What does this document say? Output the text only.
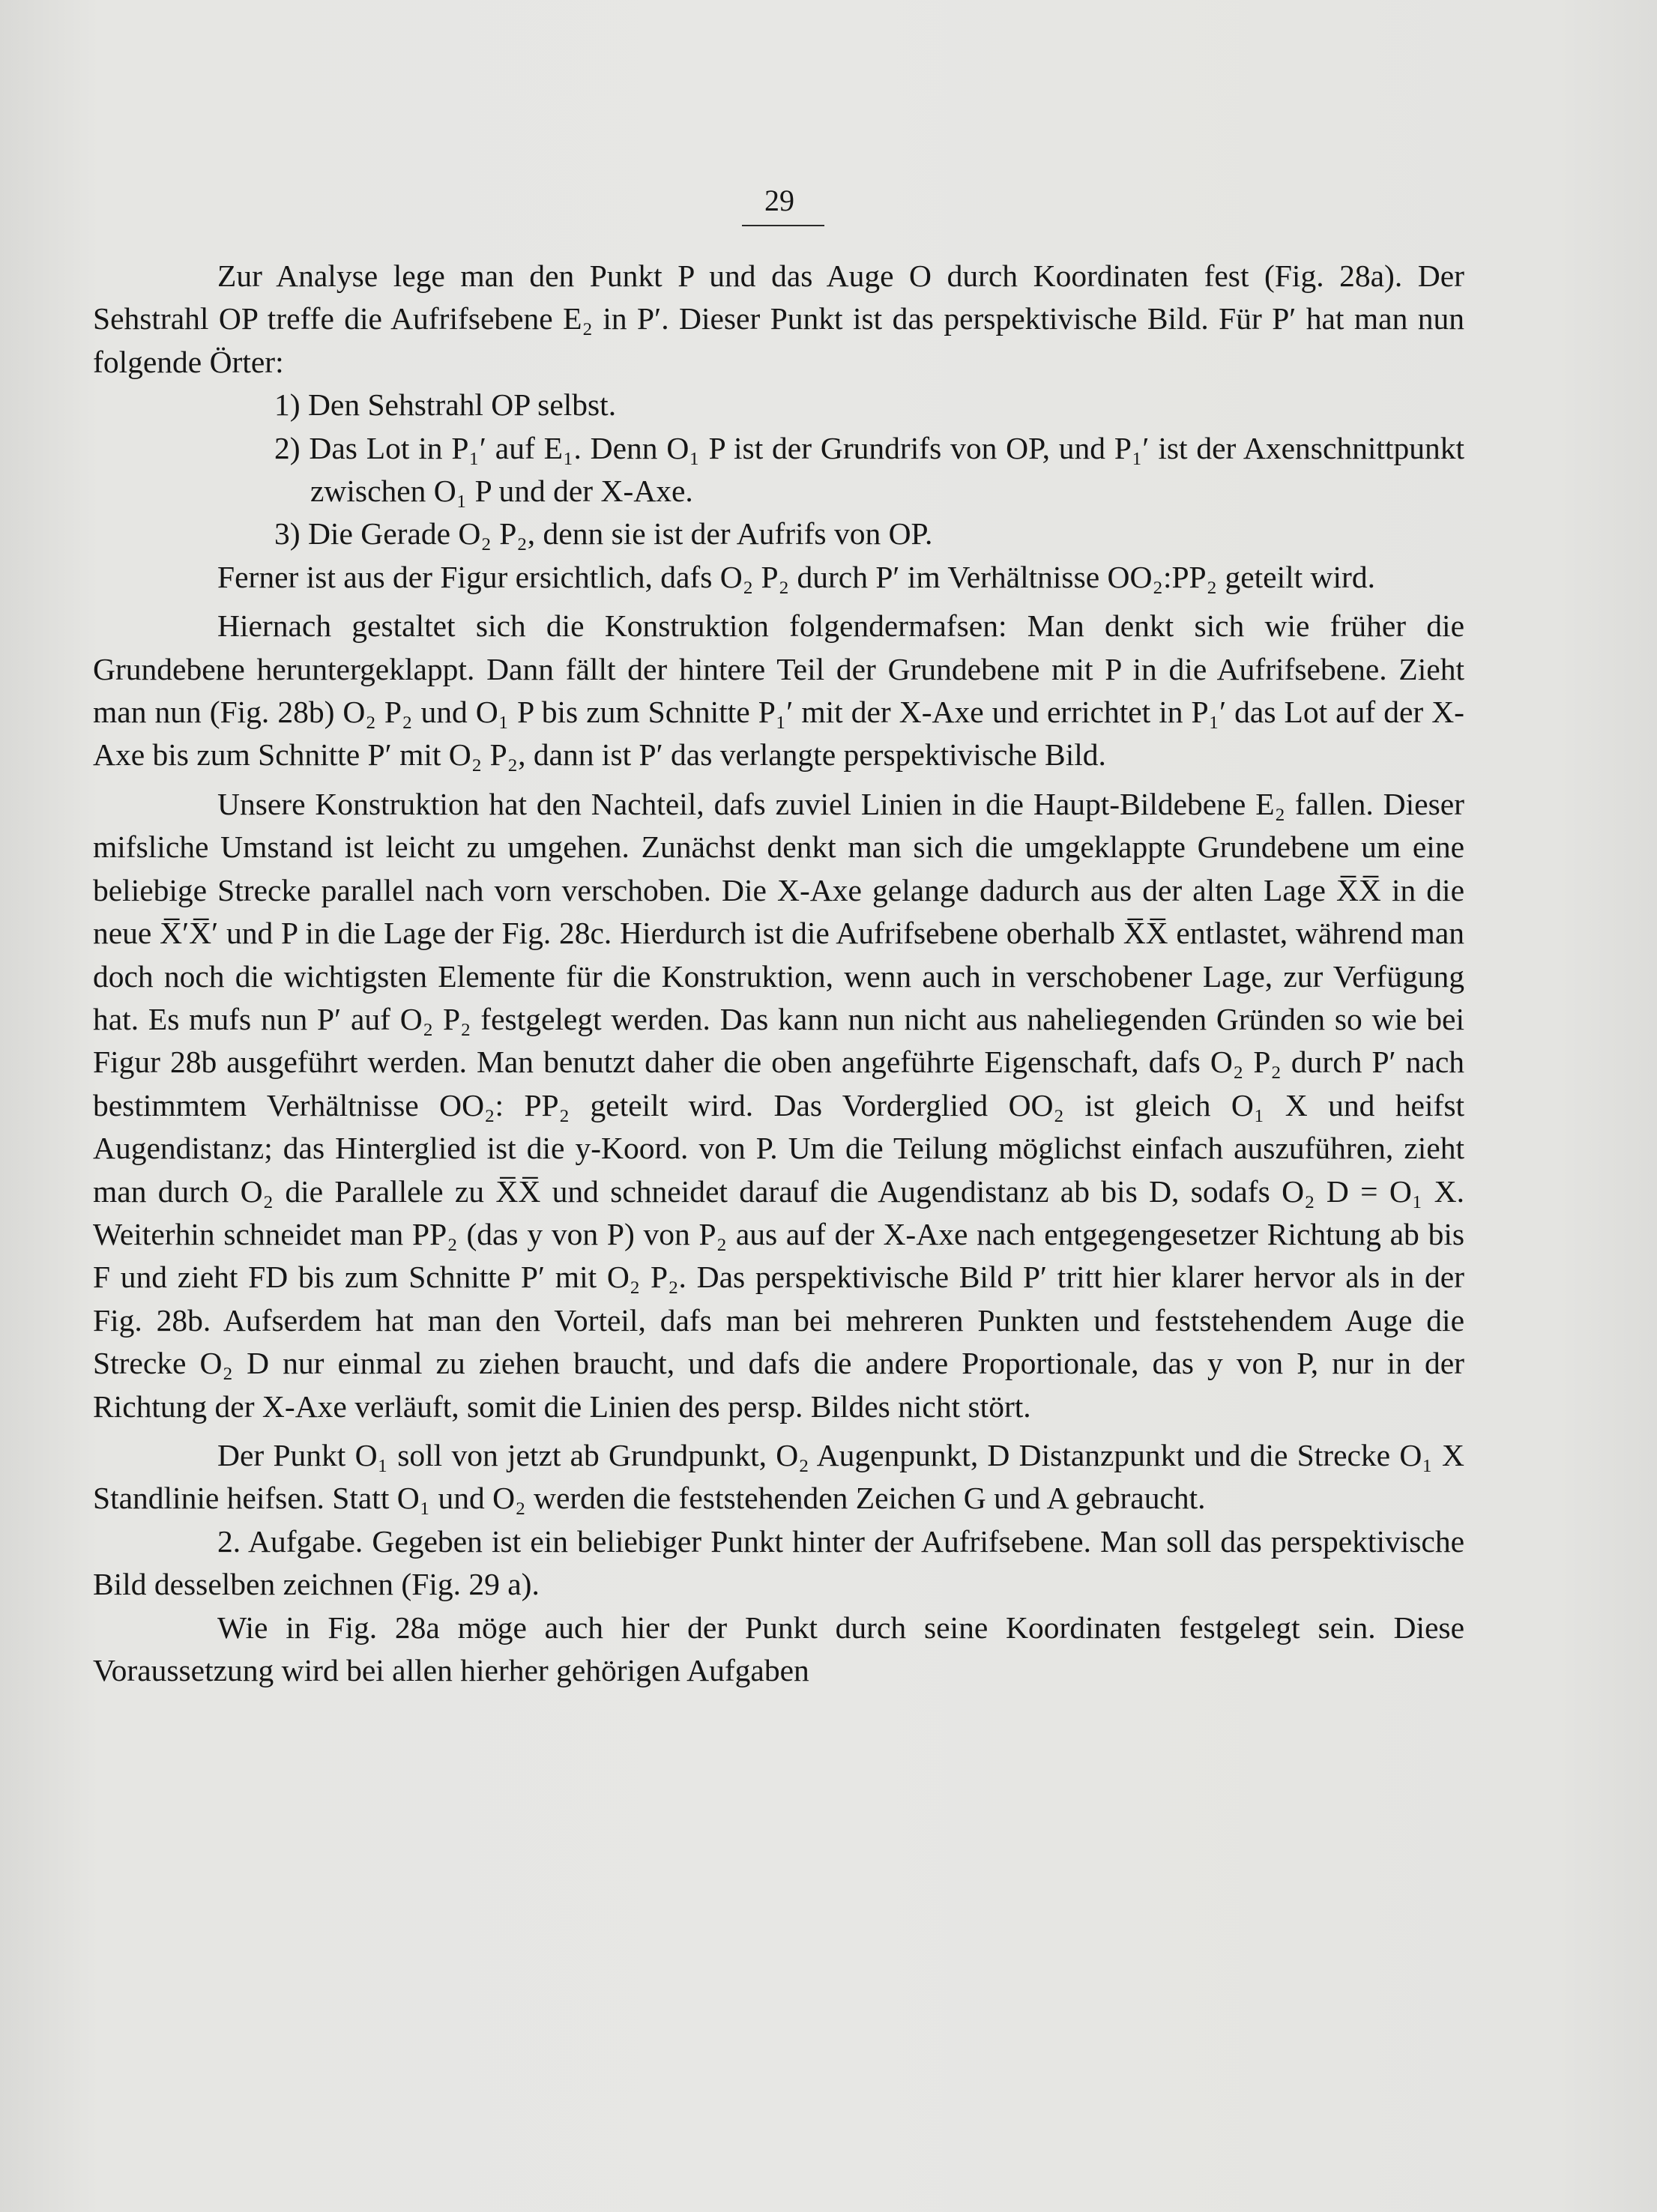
29

Zur Analyse lege man den Punkt P und das Auge O durch Koordinaten fest (Fig. 28a). Der Sehstrahl OP treffe die Aufrifsebene E₂ in P′. Dieser Punkt ist das perspektivische Bild. Für P′ hat man nun folgende Örter:

1) Den Sehstrahl OP selbst.

2) Das Lot in P₁′ auf E₁. Denn O₁ P ist der Grundrifs von OP, und P₁′ ist der Axenschnittpunkt zwischen O₁ P und der X-Axe.

3) Die Gerade O₂ P₂, denn sie ist der Aufrifs von OP.

Ferner ist aus der Figur ersichtlich, dafs O₂ P₂ durch P′ im Verhältnisse OO₂:PP₂ geteilt wird.

Hiernach gestaltet sich die Konstruktion folgendermafsen: Man denkt sich wie früher die Grundebene heruntergeklappt. Dann fällt der hintere Teil der Grundebene mit P in die Aufrifsebene. Zieht man nun (Fig. 28b) O₂ P₂ und O₁ P bis zum Schnitte P₁′ mit der X-Axe und errichtet in P₁′ das Lot auf der X-Axe bis zum Schnitte P′ mit O₂ P₂, dann ist P′ das verlangte perspektivische Bild.

Unsere Konstruktion hat den Nachteil, dafs zuviel Linien in die Haupt-Bildebene E₂ fallen. Dieser mifsliche Umstand ist leicht zu umgehen. Zunächst denkt man sich die umgeklappte Grundebene um eine beliebige Strecke parallel nach vorn verschoben. Die X-Axe gelange dadurch aus der alten Lage X̅X̅ in die neue X̅′X̅′ und P in die Lage der Fig. 28c. Hierdurch ist die Aufrifsebene oberhalb X̅X̅ entlastet, während man doch noch die wichtigsten Elemente für die Konstruktion, wenn auch in verschobener Lage, zur Verfügung hat. Es mufs nun P′ auf O₂ P₂ festgelegt werden. Das kann nun nicht aus naheliegenden Gründen so wie bei Figur 28b ausgeführt werden. Man benutzt daher die oben angeführte Eigenschaft, dafs O₂ P₂ durch P′ nach bestimmtem Verhältnisse OO₂: PP₂ geteilt wird. Das Vorderglied OO₂ ist gleich O₁ X und heifst Augendistanz; das Hinterglied ist die y-Koord. von P. Um die Teilung möglichst einfach auszuführen, zieht man durch O₂ die Parallele zu X̅X̅ und schneidet darauf die Augendistanz ab bis D, sodafs O₂ D = O₁ X. Weiterhin schneidet man PP₂ (das y von P) von P₂ aus auf der X-Axe nach entgegengesetzer Richtung ab bis F und zieht FD bis zum Schnitte P′ mit O₂ P₂. Das perspektivische Bild P′ tritt hier klarer hervor als in der Fig. 28b. Aufserdem hat man den Vorteil, dafs man bei mehreren Punkten und feststehendem Auge die Strecke O₂ D nur einmal zu ziehen braucht, und dafs die andere Proportionale, das y von P, nur in der Richtung der X-Axe verläuft, somit die Linien des persp. Bildes nicht stört.

Der Punkt O₁ soll von jetzt ab Grundpunkt, O₂ Augenpunkt, D Distanzpunkt und die Strecke O₁ X Standlinie heifsen. Statt O₁ und O₂ werden die feststehenden Zeichen G und A gebraucht.

2. Aufgabe. Gegeben ist ein beliebiger Punkt hinter der Aufrifsebene. Man soll das perspektivische Bild desselben zeichnen (Fig. 29 a).

Wie in Fig. 28a möge auch hier der Punkt durch seine Koordinaten festgelegt sein. Diese Voraussetzung wird bei allen hierher gehörigen Aufgaben
